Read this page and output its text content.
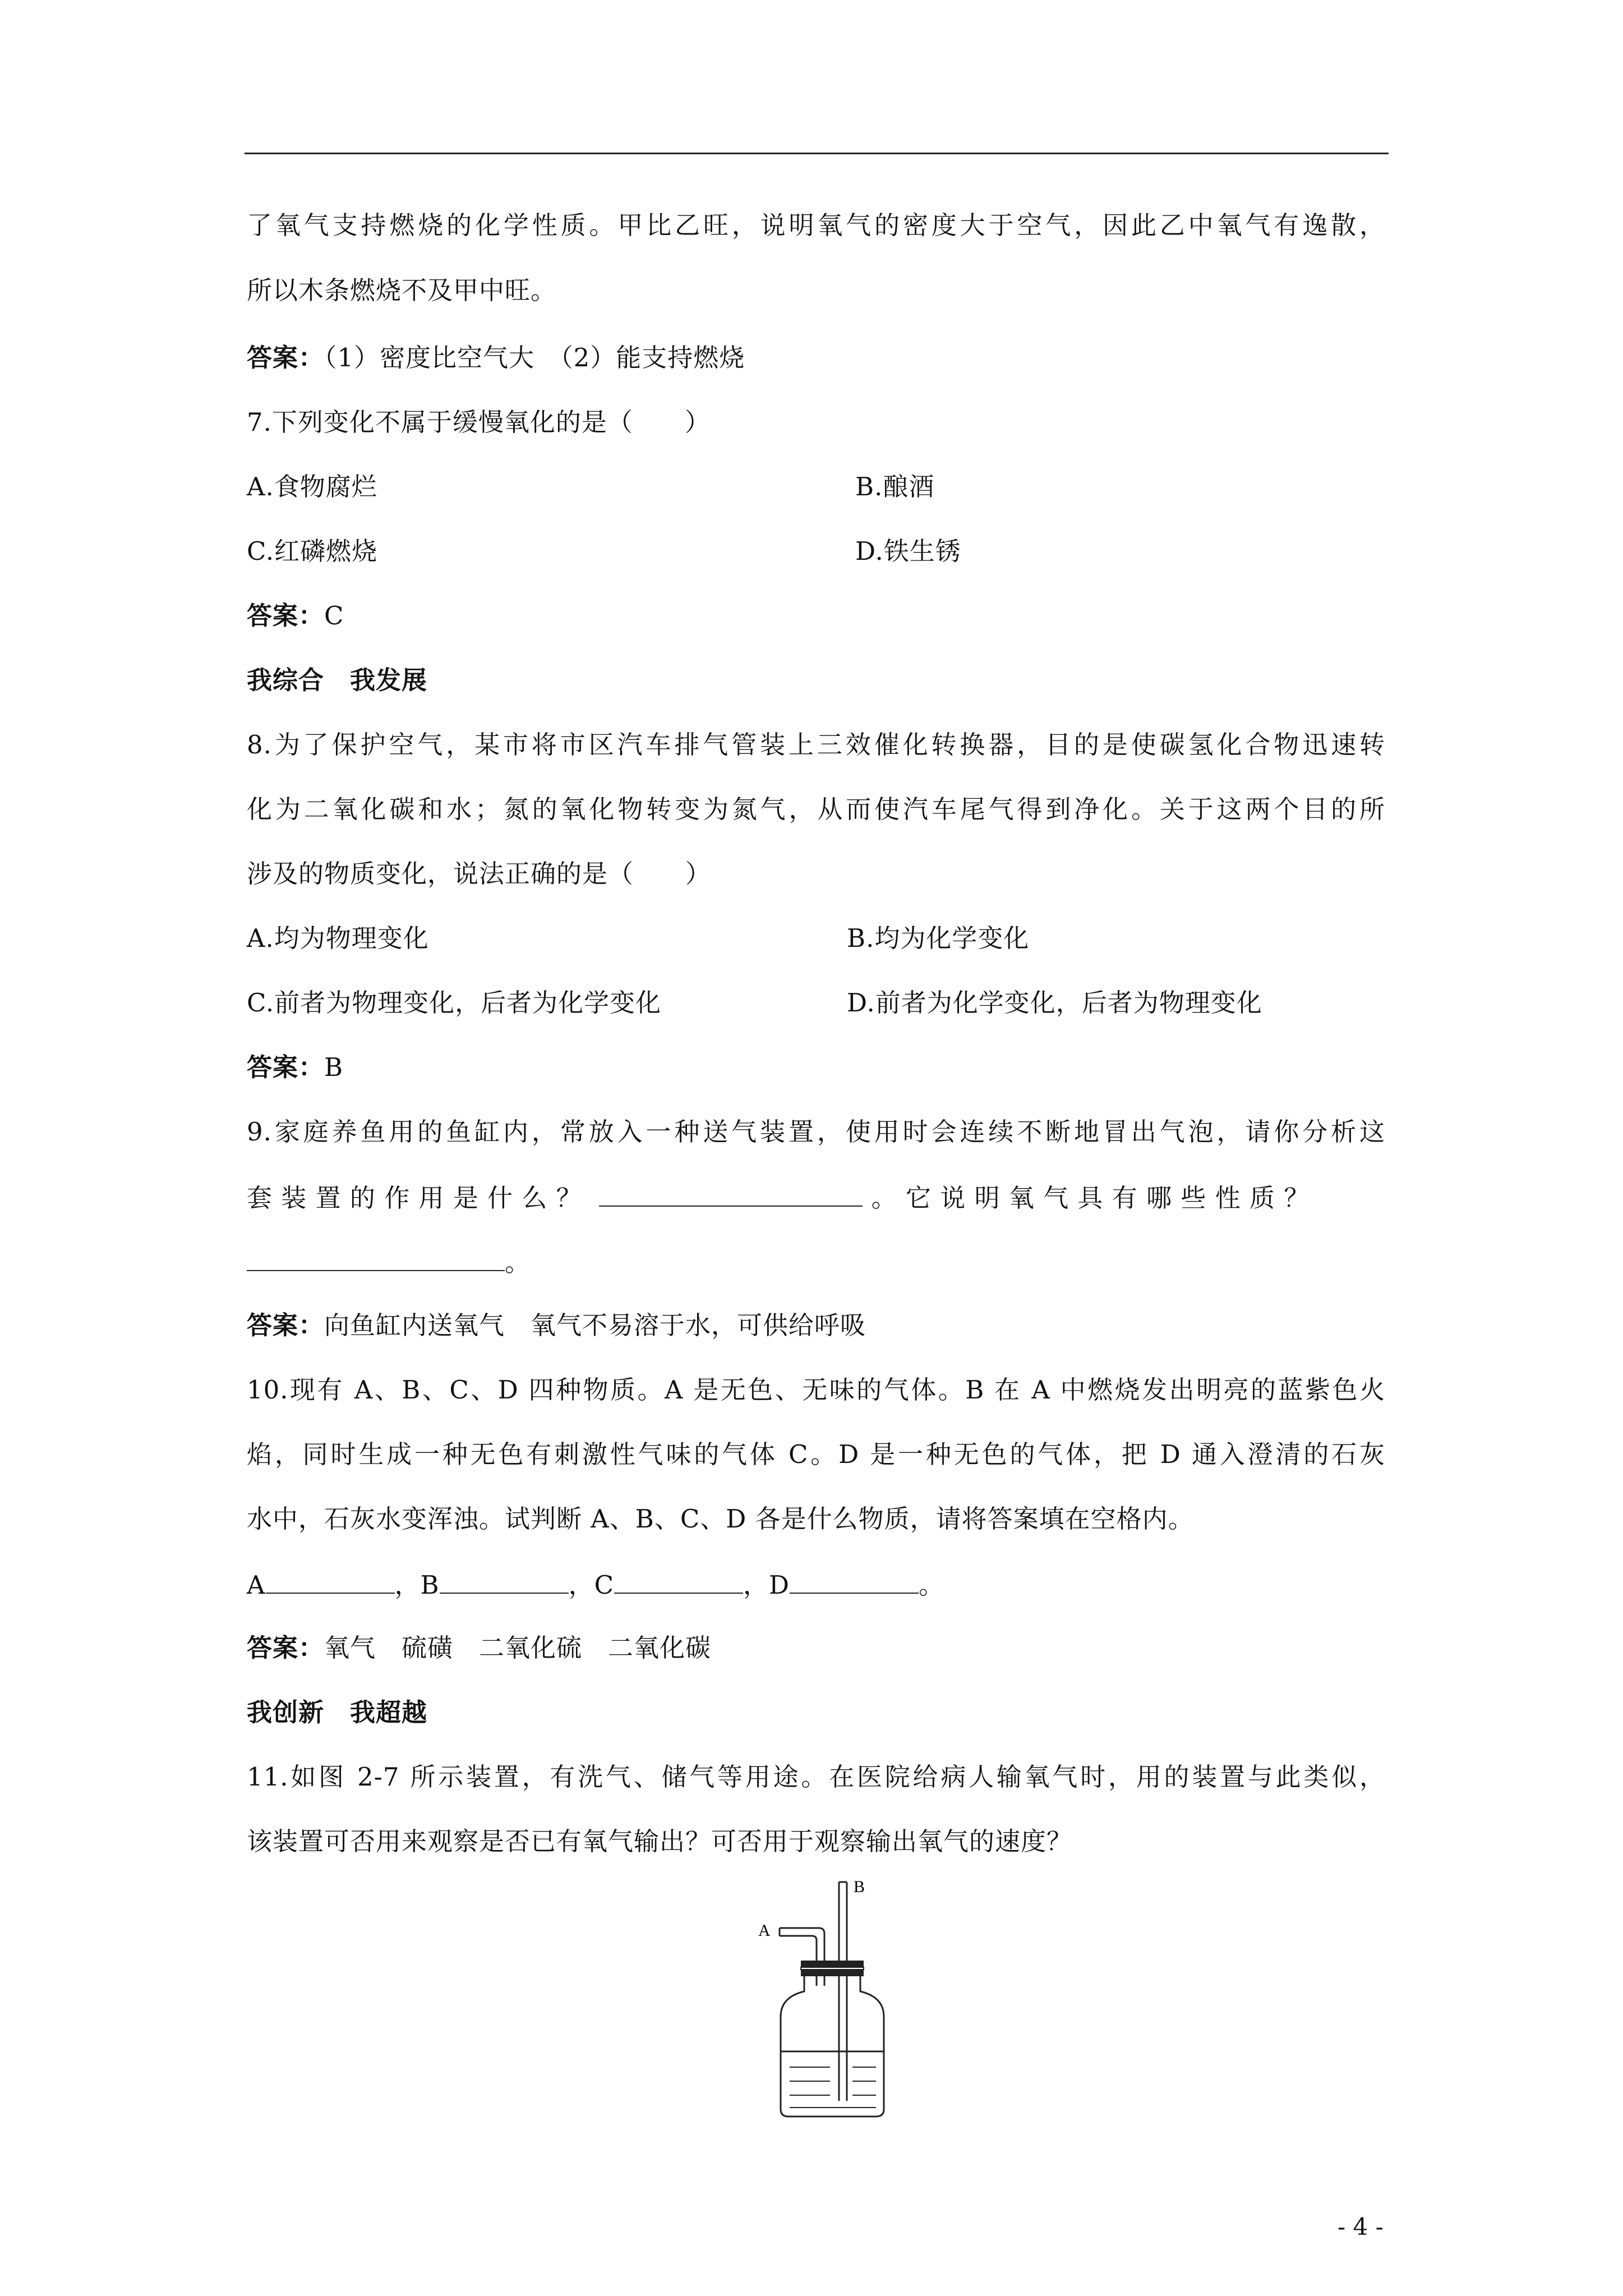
了氧气支持燃烧的化学性质。甲比乙旺，说明氧气的密度大于空气，因此乙中氧气有逸散，
所以木条燃烧不及甲中旺。
答案：（1）密度比空气大　（2）能支持燃烧
7.下列变化不属于缓慢氧化的是（　　）
A.食物腐烂	B.酿酒
C.红磷燃烧	D.铁生锈
答案：C
我综合　我发展
8.为了保护空气，某市将市区汽车排气管装上三效催化转换器，目的是使碳氢化合物迅速转
化为二氧化碳和水；氮的氧化物转变为氮气，从而使汽车尾气得到净化。关于这两个目的所
涉及的物质变化，说法正确的是（　　）
A.均为物理变化	B.均为化学变化
C.前者为物理变化，后者为化学变化	D.前者为化学变化，后者为物理变化
答案：B
9.家庭养鱼用的鱼缸内，常放入一种送气装置，使用时会连续不断地冒出气泡，请你分析这
套 装 置 的 作 用 是 什 么 ？	。 它 说 明 氧 气 具 有 哪 些 性 质 ？
。
答案：向鱼缸内送氧气　氧气不易溶于水，可供给呼吸
10.现有 A、B、C、D 四种物质。A 是无色、无味的气体。B 在 A 中燃烧发出明亮的蓝紫色火
焰，同时生成一种无色有刺激性气味的气体 C。D 是一种无色的气体，把 D 通入澄清的石灰
水中，石灰水变浑浊。试判断 A、B、C、D 各是什么物质，请将答案填在空格内。
A	，B	，C	，D	。
答案：氧气　硫磺　二氧化硫　二氧化碳
我创新　我超越
11.如图 2-7 所示装置，有洗气、储气等用途。在医院给病人输氧气时，用的装置与此类似，
该装置可否用来观察是否已有氧气输出？可否用于观察输出氧气的速度？
A
B
- 4 -
